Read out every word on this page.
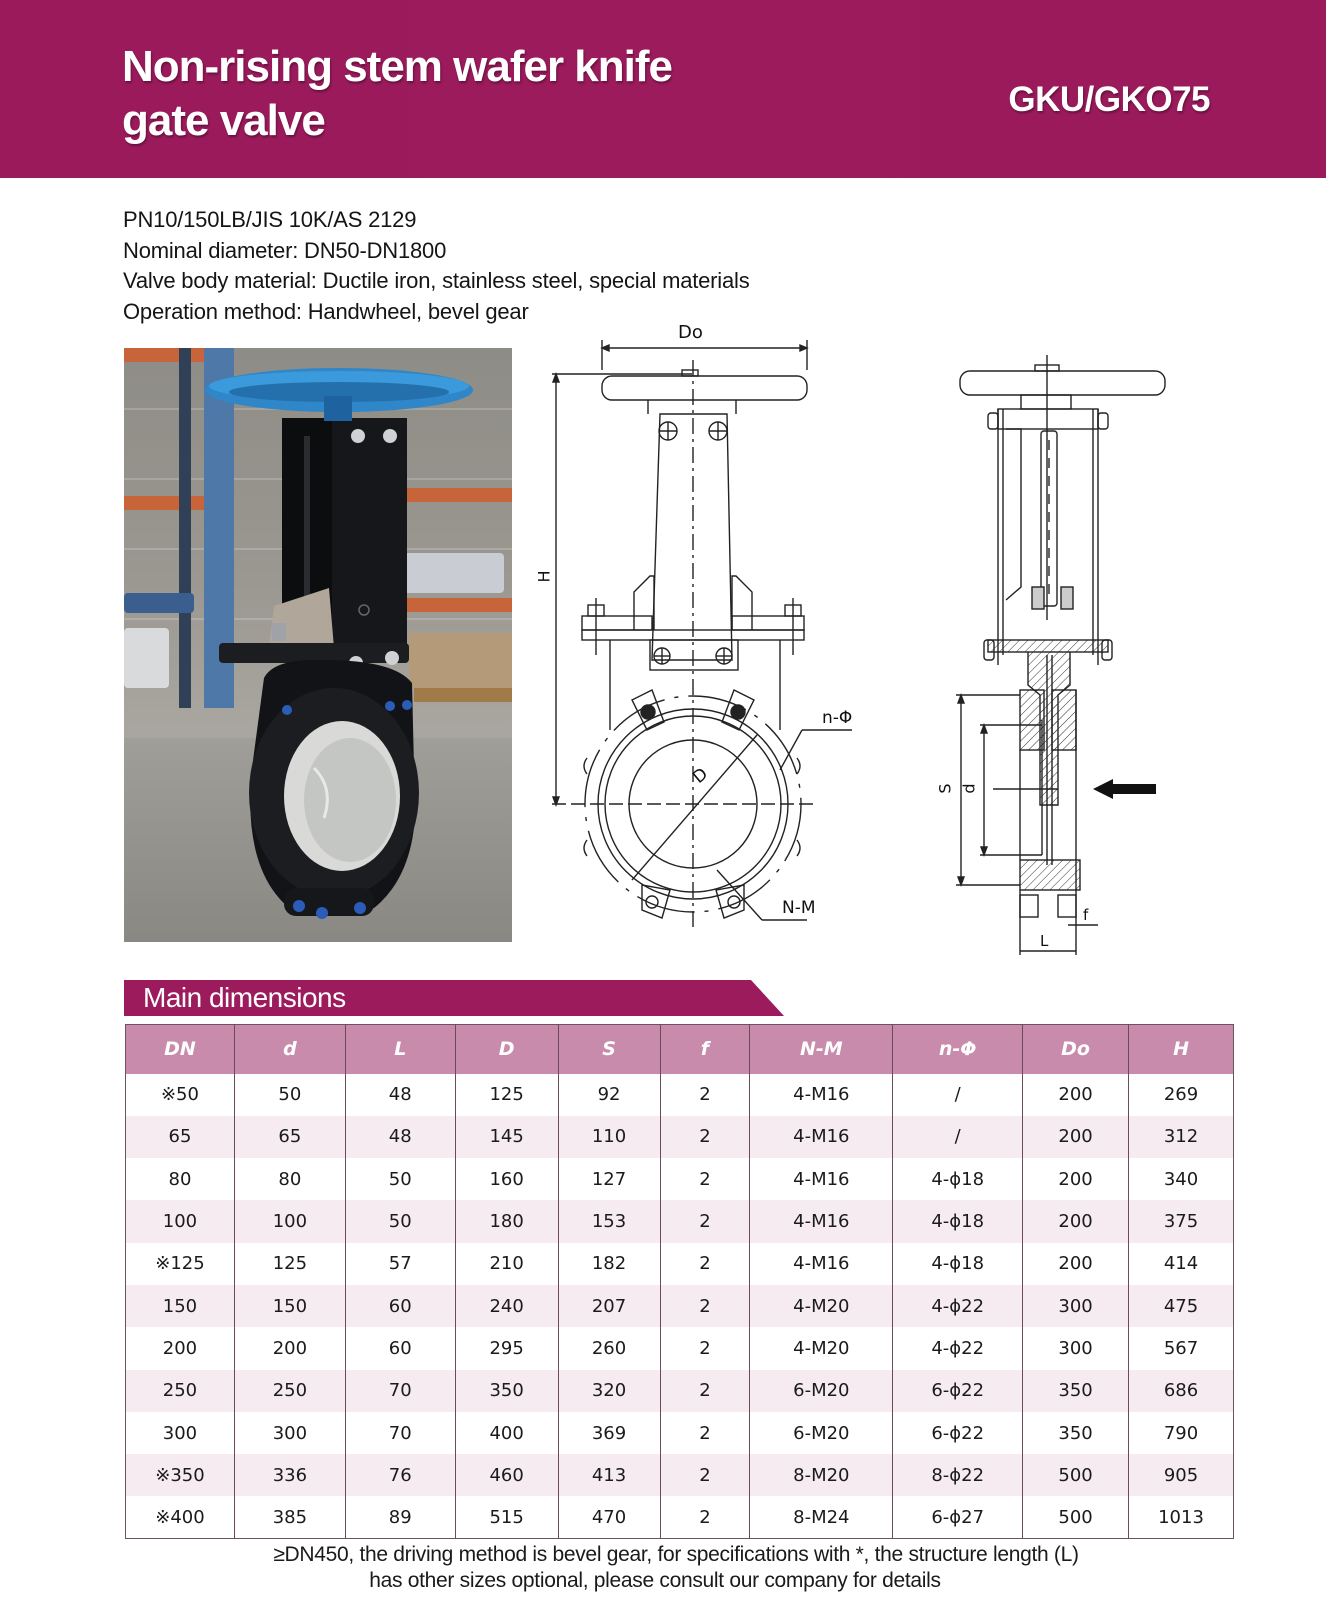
Non-rising stem wafer knife
gate valve	GKU/GKO75
PN10/150LB/JIS 10K/AS 2129
Nominal diameter: DN50-DN1800
Valve body material: Ductile iron, stainless steel, special materials
Operation method: Handwheel, bevel gear
Do
H
D
n-Φ
N-M
S d
f
L
Main dimensions
DN	d	L	D	S	f	N-M	n-Φ	Do	H
※50	50	48	125	92	2	4-M16	/	200	269
65	65	48	145	110	2	4-M16	/	200	312
80	80	50	160	127	2	4-M16	4-ϕ18	200	340
100	100	50	180	153	2	4-M16	4-ϕ18	200	375
※125	125	57	210	182	2	4-M16	4-ϕ18	200	414
150	150	60	240	207	2	4-M20	4-ϕ22	300	475
200	200	60	295	260	2	4-M20	4-ϕ22	300	567
250	250	70	350	320	2	6-M20	6-ϕ22	350	686
300	300	70	400	369	2	6-M20	6-ϕ22	350	790
※350	336	76	460	413	2	8-M20	8-ϕ22	500	905
※400	385	89	515	470	2	8-M24	6-ϕ27	500	1013
≥DN450, the driving method is bevel gear, for specifications with *, the structure length (L)
has other sizes optional, please consult our company for details
